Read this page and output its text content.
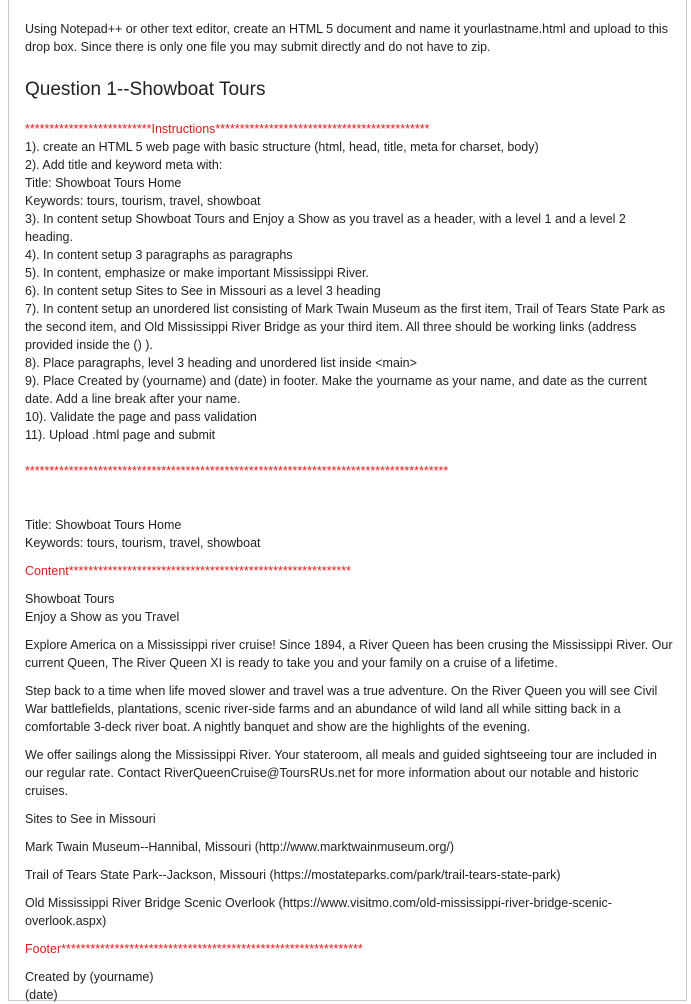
Using Notepad++ or other text editor, create an HTML 5 document and name it yourlastname.html and upload to this drop box. Since there is only one file you may submit directly and do not have to zip.

Question 1--Showboat Tours

**************************Instructions********************************************

1). create an HTML 5 web page with basic structure (html, head, title, meta for charset, body)

2). Add title and keyword meta with:

Title: Showboat Tours Home

Keywords: tours, tourism, travel, showboat

3). In content setup Showboat Tours and Enjoy a Show as you travel as a header, with a level 1 and a level 2 heading.

4). In content setup 3 paragraphs as paragraphs

5). In content, emphasize or make important Mississippi River.

6). In content setup Sites to See in Missouri as a level 3 heading

7). In content setup an unordered list consisting of Mark Twain Museum as the first item, Trail of Tears State Park as the second item, and Old Mississippi River Bridge as your third item. All three should be working links (address provided inside the () ).

8). Place paragraphs, level 3 heading and unordered list inside <main>

9). Place Created by (yourname) and (date) in footer. Make the yourname as your name, and date as the current date. Add a line break after your name.

10). Validate the page and pass validation

11). Upload .html page and submit

***************************************************************************************

Title: Showboat Tours Home

Keywords: tours, tourism, travel, showboat

Content**********************************************************

Showboat Tours

Enjoy a Show as you Travel

Explore America on a Mississippi river cruise! Since 1894, a River Queen has been crusing the Mississippi River. Our current Queen, The River Queen XI is ready to take you and your family on a cruise of a lifetime.

Step back to a time when life moved slower and travel was a true adventure. On the River Queen you will see Civil War battlefields, plantations, scenic river-side farms and an abundance of wild land all while sitting back in a comfortable 3-deck river boat. A nightly banquet and show are the highlights of the evening.

We offer sailings along the Mississippi River. Your stateroom, all meals and guided sightseeing tour are included in our regular rate. Contact RiverQueenCruise@ToursRUs.net for more information about our notable and historic cruises.

Sites to See in Missouri

Mark Twain Museum--Hannibal, Missouri (http://www.marktwainmuseum.org/)

Trail of Tears State Park--Jackson, Missouri (https://mostateparks.com/park/trail-tears-state-park)

Old Mississippi River Bridge Scenic Overlook (https://www.visitmo.com/old-mississippi-river-bridge-scenic-overlook.aspx)

Footer**************************************************************

Created by (yourname)

(date)
